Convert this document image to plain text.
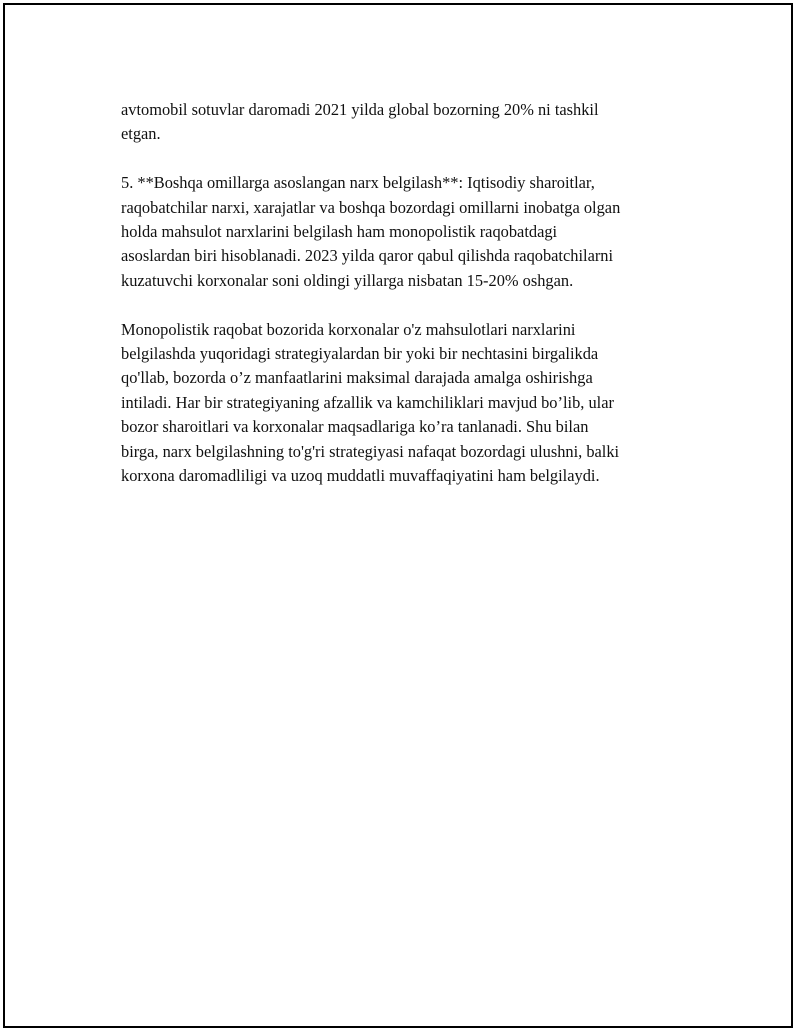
avtomobil sotuvlar daromadi 2021 yilda global bozorning 20% ni tashkil
etgan.

5. **Boshqa omillarga asoslangan narx belgilash**: Iqtisodiy sharoitlar,
raqobatchilar narxi, xarajatlar va boshqa bozordagi omillarni inobatga olgan
holda mahsulot narxlarini belgilash ham monopolistik raqobatdagi
asoslardan biri hisoblanadi. 2023 yilda qaror qabul qilishda raqobatchilarni
kuzatuvchi korxonalar soni oldingi yillarga nisbatan 15-20% oshgan.

Monopolistik raqobat bozorida korxonalar o'z mahsulotlari narxlarini
belgilashda yuqoridagi strategiyalardan bir yoki bir nechtasini birgalikda
qo'llab, bozorda o’z manfaatlarini maksimal darajada amalga oshirishga
intiladi. Har bir strategiyaning afzallik va kamchiliklari mavjud bo’lib, ular
bozor sharoitlari va korxonalar maqsadlariga ko’ra tanlanadi. Shu bilan
birga, narx belgilashning to'g'ri strategiyasi nafaqat bozordagi ulushni, balki
korxona daromadliligi va uzoq muddatli muvaffaqiyatini ham belgilaydi.
